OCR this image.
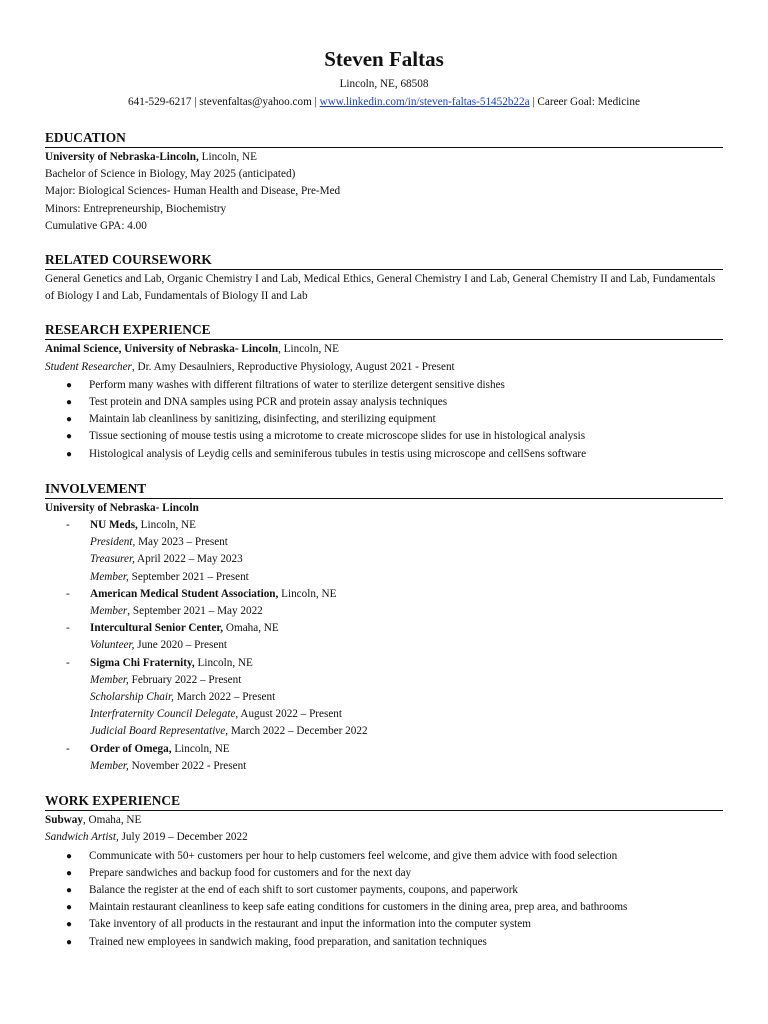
Steven Faltas
Lincoln, NE, 68508
641-529-6217 | stevenfaltas@yahoo.com | www.linkedin.com/in/steven-faltas-51452b22a | Career Goal: Medicine
EDUCATION
University of Nebraska-Lincoln, Lincoln, NE
Bachelor of Science in Biology, May 2025 (anticipated)
Major: Biological Sciences- Human Health and Disease, Pre-Med
Minors: Entrepreneurship, Biochemistry
Cumulative GPA: 4.00
RELATED COURSEWORK
General Genetics and Lab, Organic Chemistry I and Lab, Medical Ethics, General Chemistry I and Lab, General Chemistry II and Lab, Fundamentals of Biology I and Lab, Fundamentals of Biology II and Lab
RESEARCH EXPERIENCE
Animal Science, University of Nebraska- Lincoln, Lincoln, NE
Student Researcher, Dr. Amy Desaulniers, Reproductive Physiology, August 2021 - Present
● Perform many washes with different filtrations of water to sterilize detergent sensitive dishes
● Test protein and DNA samples using PCR and protein assay analysis techniques
● Maintain lab cleanliness by sanitizing, disinfecting, and sterilizing equipment
● Tissue sectioning of mouse testis using a microtome to create microscope slides for use in histological analysis
● Histological analysis of Leydig cells and seminiferous tubules in testis using microscope and cellSens software
INVOLVEMENT
University of Nebraska- Lincoln
- NU Meds, Lincoln, NE
President, May 2023 – Present
Treasurer, April 2022 – May 2023
Member, September 2021 – Present
- American Medical Student Association, Lincoln, NE
Member, September 2021 – May 2022
- Intercultural Senior Center, Omaha, NE
Volunteer, June 2020 – Present
- Sigma Chi Fraternity, Lincoln, NE
Member, February 2022 – Present
Scholarship Chair, March 2022 – Present
Interfraternity Council Delegate, August 2022 – Present
Judicial Board Representative, March 2022 – December 2022
- Order of Omega, Lincoln, NE
Member, November 2022 - Present
WORK EXPERIENCE
Subway, Omaha, NE
Sandwich Artist, July 2019 – December 2022
● Communicate with 50+ customers per hour to help customers feel welcome, and give them advice with food selection
● Prepare sandwiches and backup food for customers and for the next day
● Balance the register at the end of each shift to sort customer payments, coupons, and paperwork
● Maintain restaurant cleanliness to keep safe eating conditions for customers in the dining area, prep area, and bathrooms
● Take inventory of all products in the restaurant and input the information into the computer system
● Trained new employees in sandwich making, food preparation, and sanitation techniques
